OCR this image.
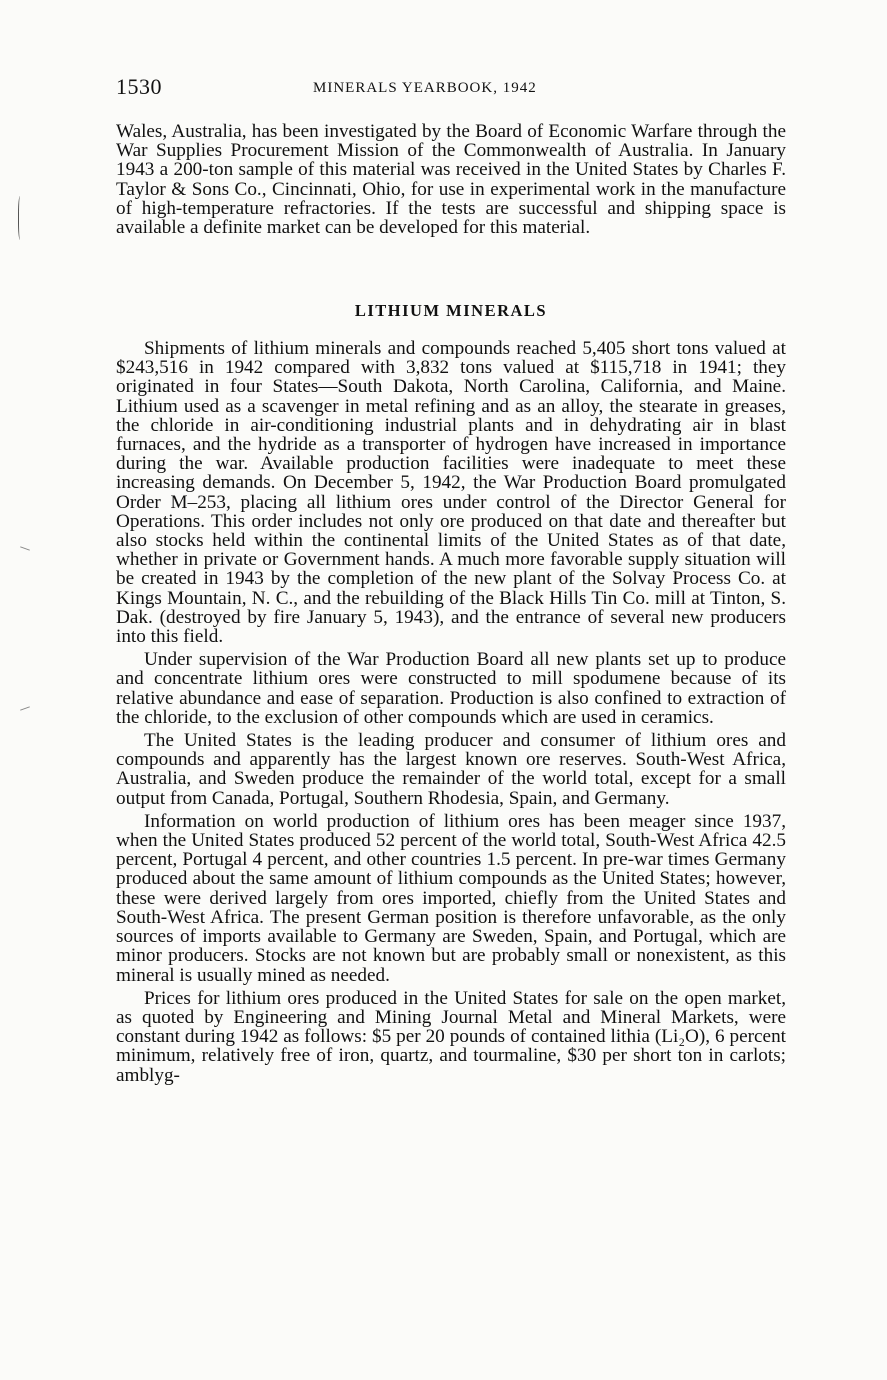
1530	MINERALS YEARBOOK, 1942

Wales, Australia, has been investigated by the Board of Economic Warfare through the War Supplies Procurement Mission of the Commonwealth of Australia. In January 1943 a 200-ton sample of this material was received in the United States by Charles F. Taylor & Sons Co., Cincinnati, Ohio, for use in experimental work in the manufacture of high-temperature refractories. If the tests are successful and shipping space is available a definite market can be developed for this material.

LITHIUM MINERALS

Shipments of lithium minerals and compounds reached 5,405 short tons valued at $243,516 in 1942 compared with 3,832 tons valued at $115,718 in 1941; they originated in four States—South Dakota, North Carolina, California, and Maine. Lithium used as a scavenger in metal refining and as an alloy, the stearate in greases, the chloride in air-conditioning industrial plants and in dehydrating air in blast furnaces, and the hydride as a transporter of hydrogen have increased in importance during the war. Available production facilities were inadequate to meet these increasing demands. On December 5, 1942, the War Production Board promulgated Order M–253, placing all lithium ores under control of the Director General for Operations. This order includes not only ore produced on that date and thereafter but also stocks held within the continental limits of the United States as of that date, whether in private or Government hands. A much more favorable supply situation will be created in 1943 by the completion of the new plant of the Solvay Process Co. at Kings Mountain, N. C., and the rebuilding of the Black Hills Tin Co. mill at Tinton, S. Dak. (destroyed by fire January 5, 1943), and the entrance of several new producers into this field.

Under supervision of the War Production Board all new plants set up to produce and concentrate lithium ores were constructed to mill spodumene because of its relative abundance and ease of separation. Production is also confined to extraction of the chloride, to the exclusion of other compounds which are used in ceramics.

The United States is the leading producer and consumer of lithium ores and compounds and apparently has the largest known ore reserves. South-West Africa, Australia, and Sweden produce the remainder of the world total, except for a small output from Canada, Portugal, Southern Rhodesia, Spain, and Germany.

Information on world production of lithium ores has been meager since 1937, when the United States produced 52 percent of the world total, South-West Africa 42.5 percent, Portugal 4 percent, and other countries 1.5 percent. In pre-war times Germany produced about the same amount of lithium compounds as the United States; however, these were derived largely from ores imported, chiefly from the United States and South-West Africa. The present German position is therefore unfavorable, as the only sources of imports available to Germany are Sweden, Spain, and Portugal, which are minor producers. Stocks are not known but are probably small or nonexistent, as this mineral is usually mined as needed.

Prices for lithium ores produced in the United States for sale on the open market, as quoted by Engineering and Mining Journal Metal and Mineral Markets, were constant during 1942 as follows: $5 per 20 pounds of contained lithia (Li₂O), 6 percent minimum, relatively free of iron, quartz, and tourmaline, $30 per short ton in carlots; amblyg-
